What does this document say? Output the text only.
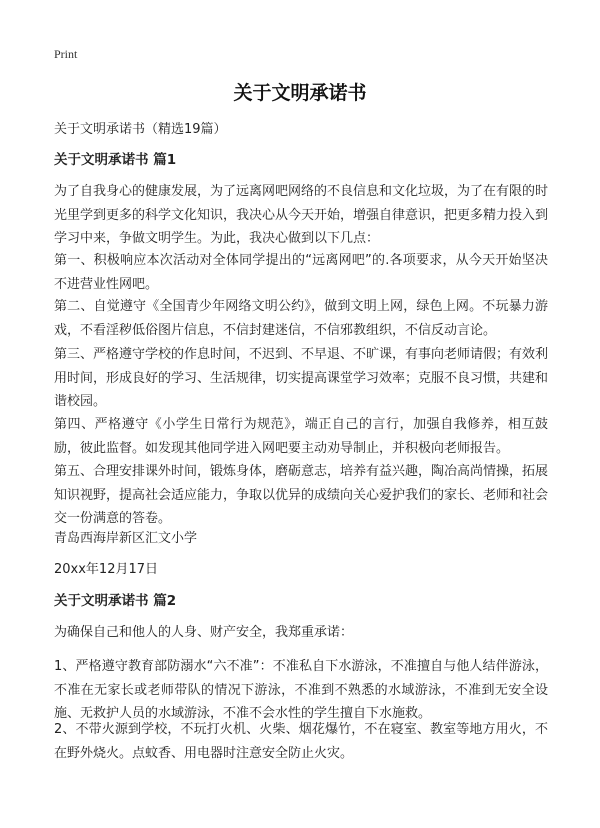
Print
关于文明承诺书

关于文明承诺书（精选19篇）

关于文明承诺书 篇1

为了自我身心的健康发展，为了远离网吧网络的不良信息和文化垃圾，为了在有限的时光里学到更多的科学文化知识，我决心从今天开始，增强自律意识，把更多精力投入到学习中来，争做文明学生。为此，我决心做到以下几点：

第一、积极响应本次活动对全体同学提出的“远离网吧”的.各项要求，从今天开始坚决不进营业性网吧。

第二、自觉遵守《全国青少年网络文明公约》，做到文明上网，绿色上网。不玩暴力游戏，不看淫秽低俗图片信息，不信封建迷信，不信邪教组织，不信反动言论。

第三、严格遵守学校的作息时间，不迟到、不早退、不旷课，有事向老师请假；有效利用时间，形成良好的学习、生活规律，切实提高课堂学习效率；克服不良习惯，共建和谐校园。

第四、严格遵守《小学生日常行为规范》，端正自己的言行，加强自我修养，相互鼓励，彼此监督。如发现其他同学进入网吧要主动劝导制止，并积极向老师报告。

第五、合理安排课外时间，锻炼身体，磨砺意志，培养有益兴趣，陶冶高尚情操，拓展知识视野，提高社会适应能力，争取以优异的成绩向关心爱护我们的家长、老师和社会交一份满意的答卷。

青岛西海岸新区汇文小学

20xx年12月17日

关于文明承诺书 篇2

为确保自己和他人的人身、财产安全，我郑重承诺：

1、严格遵守教育部防溺水“六不准”：不准私自下水游泳，不准擅自与他人结伴游泳，不准在无家长或老师带队的情况下游泳，不准到不熟悉的水域游泳，不准到无安全设施、无救护人员的水域游泳，不准不会水性的学生擅自下水施救。

2、不带火源到学校，不玩打火机、火柴、烟花爆竹，不在寝室、教室等地方用火，不在野外烧火。点蚊香、用电器时注意安全防止火灾。
